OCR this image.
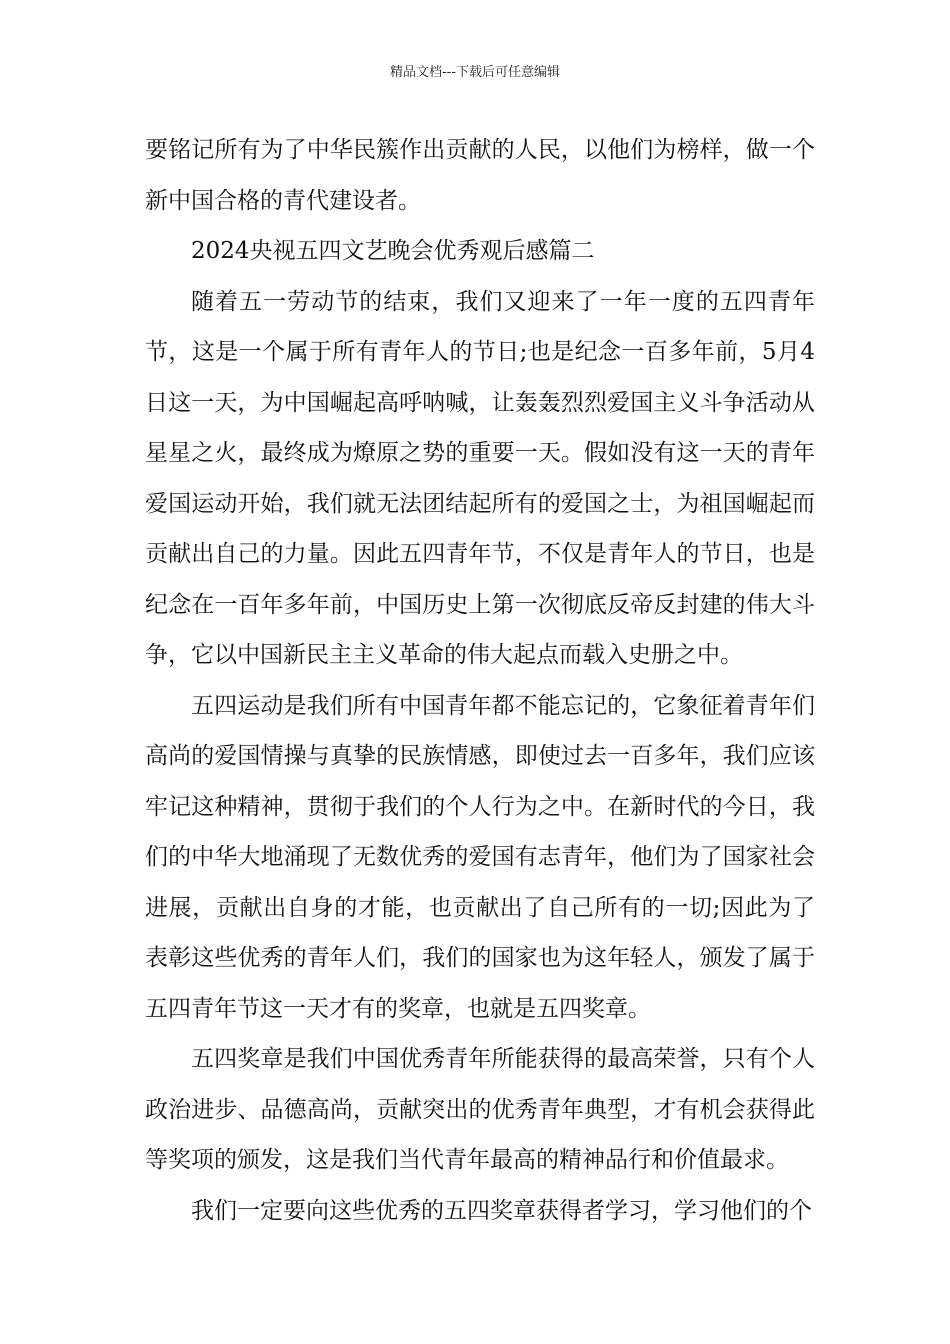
精品文档---下载后可任意编辑

要铭记所有为了中华民簇作出贡献的人民，以他们为榜样，做一个新中国合格的青代建设者。

2024央视五四文艺晚会优秀观后感篇二

随着五一劳动节的结束，我们又迎来了一年一度的五四青年节，这是一个属于所有青年人的节日;也是纪念一百多年前，5月4日这一天，为中国崛起高呼呐喊，让轰轰烈烈爱国主义斗争活动从星星之火，最终成为燎原之势的重要一天。假如没有这一天的青年爱国运动开始，我们就无法团结起所有的爱国之士，为祖国崛起而贡献出自己的力量。因此五四青年节，不仅是青年人的节日，也是纪念在一百年多年前，中国历史上第一次彻底反帝反封建的伟大斗争，它以中国新民主主义革命的伟大起点而载入史册之中。

五四运动是我们所有中国青年都不能忘记的，它象征着青年们高尚的爱国情操与真挚的民族情感，即使过去一百多年，我们应该牢记这种精神，贯彻于我们的个人行为之中。在新时代的今日，我们的中华大地涌现了无数优秀的爱国有志青年，他们为了国家社会进展，贡献出自身的才能，也贡献出了自己所有的一切;因此为了表彰这些优秀的青年人们，我们的国家也为这年轻人，颁发了属于五四青年节这一天才有的奖章，也就是五四奖章。

五四奖章是我们中国优秀青年所能获得的最高荣誉，只有个人政治进步、品德高尚，贡献突出的优秀青年典型，才有机会获得此等奖项的颁发，这是我们当代青年最高的精神品行和价值最求。

我们一定要向这些优秀的五四奖章获得者学习，学习他们的个
